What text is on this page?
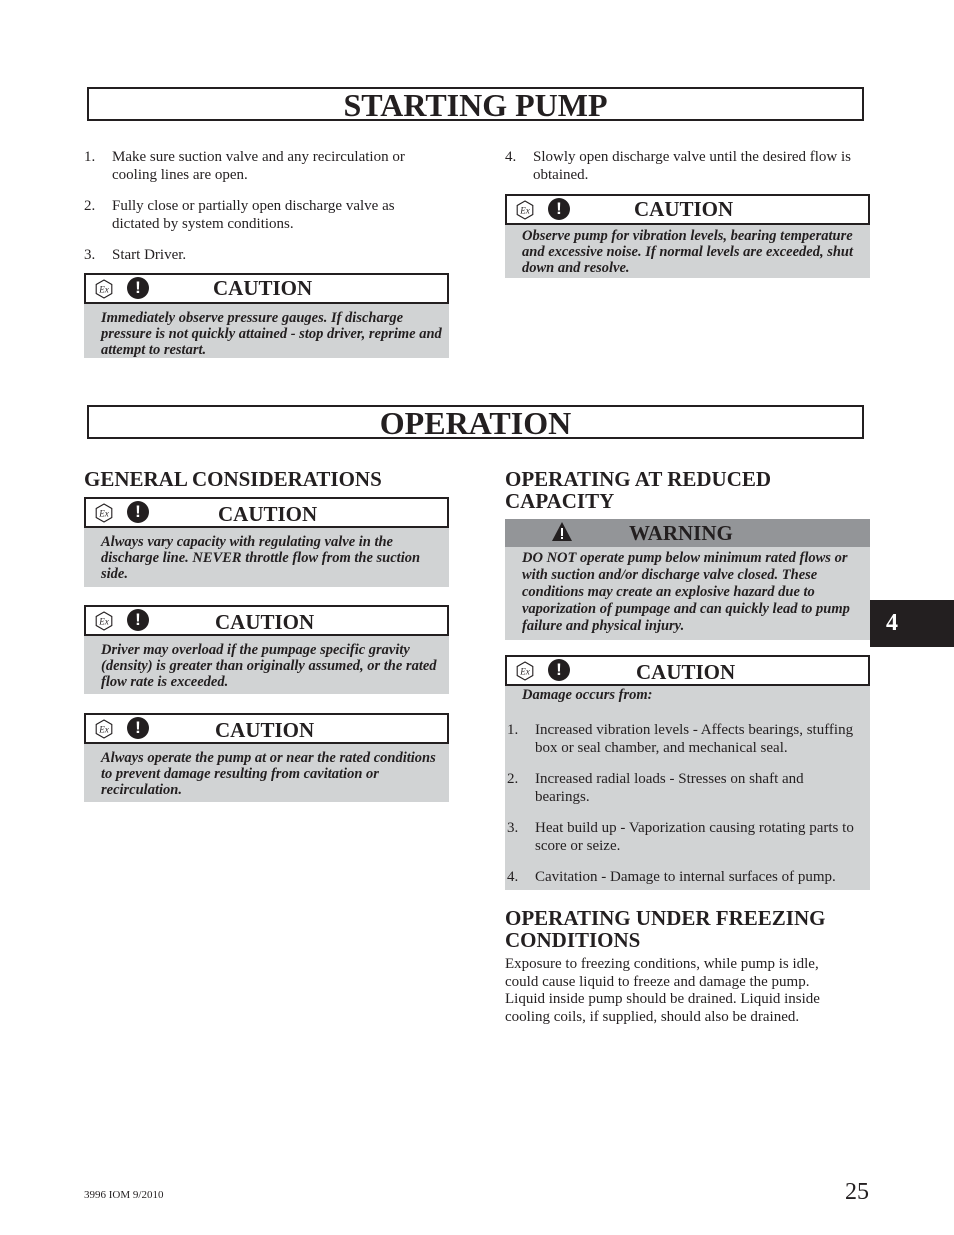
STARTING PUMP
1.	Make sure suction valve and any recirculation or cooling lines are open.
2.	Fully close or partially open discharge valve as dictated by system conditions.
3.	Start Driver.
4.	Slowly open discharge valve until the desired flow is obtained.
Ex	!	CAUTION
Immediately observe pressure gauges. If discharge pressure is not quickly attained - stop driver, reprime and attempt to restart.
Ex	!	CAUTION
Observe pump for vibration levels, bearing temperature and excessive noise. If normal levels are exceeded, shut down and resolve.
OPERATION
GENERAL CONSIDERATIONS
Ex	!	CAUTION
Always vary capacity with regulating valve in the discharge line. NEVER throttle flow from the suction side.
Ex	!	CAUTION
Driver may overload if the pumpage specific gravity (density) is greater than originally assumed, or the rated flow rate is exceeded.
Ex	!	CAUTION
Always operate the pump at or near the rated conditions to prevent damage resulting from cavitation or recirculation.
OPERATING AT REDUCED
CAPACITY
WARNING
DO NOT operate pump below minimum rated flows or with suction and/or discharge valve closed. These conditions may create an explosive hazard due to vaporization of pumpage and can quickly lead to pump failure and physical injury.
Ex	!	CAUTION
Damage occurs from:
1. Increased vibration levels - Affects bearings, stuffing box or seal chamber, and mechanical seal.
2. Increased radial loads - Stresses on shaft and bearings.
3. Heat build up - Vaporization causing rotating parts to score or seize.
4. Cavitation - Damage to internal surfaces of pump.
OPERATING UNDER FREEZING
CONDITIONS
Exposure to freezing conditions, while pump is idle, could cause liquid to freeze and damage the pump. Liquid inside pump should be drained. Liquid inside cooling coils, if supplied, should also be drained.
4
3996 IOM 9/2010	25
